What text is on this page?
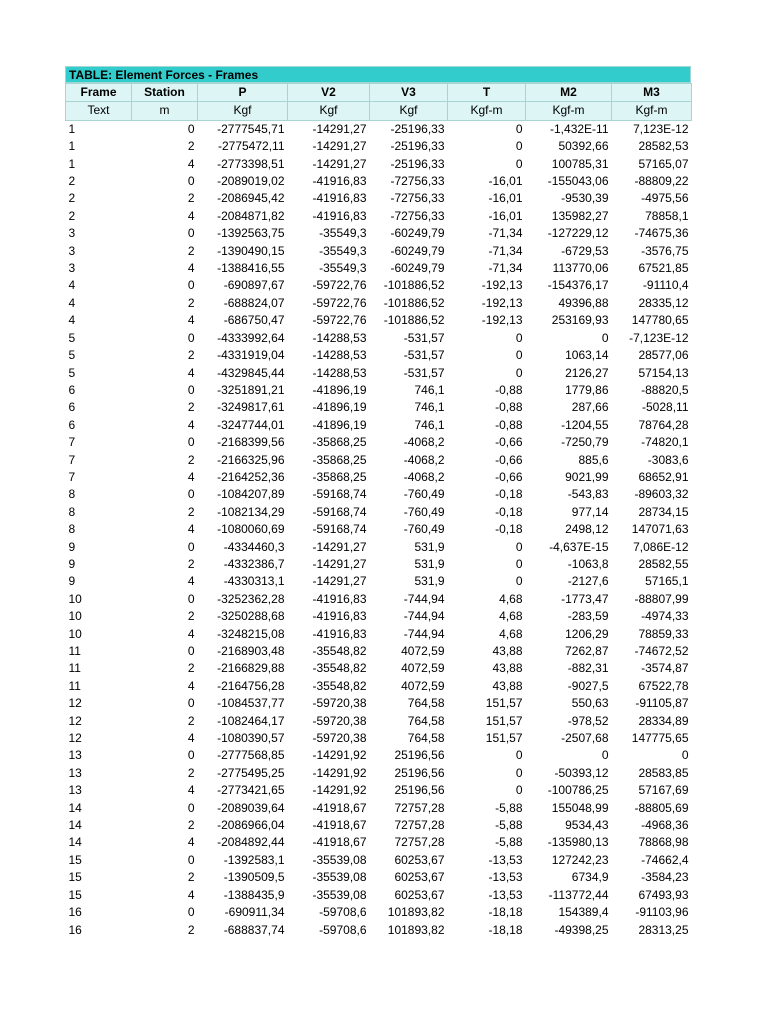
TABLE: Element Forces - Frames
Frame	Station	P	V2	V3	T	M2	M3
Text	m	Kgf	Kgf	Kgf	Kgf-m	Kgf-m	Kgf-m
1	0	-2777545,71	-14291,27	-25196,33	0	-1,432E-11	7,123E-12
1	2	-2775472,11	-14291,27	-25196,33	0	50392,66	28582,53
1	4	-2773398,51	-14291,27	-25196,33	0	100785,31	57165,07
2	0	-2089019,02	-41916,83	-72756,33	-16,01	-155043,06	-88809,22
2	2	-2086945,42	-41916,83	-72756,33	-16,01	-9530,39	-4975,56
2	4	-2084871,82	-41916,83	-72756,33	-16,01	135982,27	78858,1
3	0	-1392563,75	-35549,3	-60249,79	-71,34	-127229,12	-74675,36
3	2	-1390490,15	-35549,3	-60249,79	-71,34	-6729,53	-3576,75
3	4	-1388416,55	-35549,3	-60249,79	-71,34	113770,06	67521,85
4	0	-690897,67	-59722,76	-101886,52	-192,13	-154376,17	-91110,4
4	2	-688824,07	-59722,76	-101886,52	-192,13	49396,88	28335,12
4	4	-686750,47	-59722,76	-101886,52	-192,13	253169,93	147780,65
5	0	-4333992,64	-14288,53	-531,57	0	0	-7,123E-12
5	2	-4331919,04	-14288,53	-531,57	0	1063,14	28577,06
5	4	-4329845,44	-14288,53	-531,57	0	2126,27	57154,13
6	0	-3251891,21	-41896,19	746,1	-0,88	1779,86	-88820,5
6	2	-3249817,61	-41896,19	746,1	-0,88	287,66	-5028,11
6	4	-3247744,01	-41896,19	746,1	-0,88	-1204,55	78764,28
7	0	-2168399,56	-35868,25	-4068,2	-0,66	-7250,79	-74820,1
7	2	-2166325,96	-35868,25	-4068,2	-0,66	885,6	-3083,6
7	4	-2164252,36	-35868,25	-4068,2	-0,66	9021,99	68652,91
8	0	-1084207,89	-59168,74	-760,49	-0,18	-543,83	-89603,32
8	2	-1082134,29	-59168,74	-760,49	-0,18	977,14	28734,15
8	4	-1080060,69	-59168,74	-760,49	-0,18	2498,12	147071,63
9	0	-4334460,3	-14291,27	531,9	0	-4,637E-15	7,086E-12
9	2	-4332386,7	-14291,27	531,9	0	-1063,8	28582,55
9	4	-4330313,1	-14291,27	531,9	0	-2127,6	57165,1
10	0	-3252362,28	-41916,83	-744,94	4,68	-1773,47	-88807,99
10	2	-3250288,68	-41916,83	-744,94	4,68	-283,59	-4974,33
10	4	-3248215,08	-41916,83	-744,94	4,68	1206,29	78859,33
11	0	-2168903,48	-35548,82	4072,59	43,88	7262,87	-74672,52
11	2	-2166829,88	-35548,82	4072,59	43,88	-882,31	-3574,87
11	4	-2164756,28	-35548,82	4072,59	43,88	-9027,5	67522,78
12	0	-1084537,77	-59720,38	764,58	151,57	550,63	-91105,87
12	2	-1082464,17	-59720,38	764,58	151,57	-978,52	28334,89
12	4	-1080390,57	-59720,38	764,58	151,57	-2507,68	147775,65
13	0	-2777568,85	-14291,92	25196,56	0	0	0
13	2	-2775495,25	-14291,92	25196,56	0	-50393,12	28583,85
13	4	-2773421,65	-14291,92	25196,56	0	-100786,25	57167,69
14	0	-2089039,64	-41918,67	72757,28	-5,88	155048,99	-88805,69
14	2	-2086966,04	-41918,67	72757,28	-5,88	9534,43	-4968,36
14	4	-2084892,44	-41918,67	72757,28	-5,88	-135980,13	78868,98
15	0	-1392583,1	-35539,08	60253,67	-13,53	127242,23	-74662,4
15	2	-1390509,5	-35539,08	60253,67	-13,53	6734,9	-3584,23
15	4	-1388435,9	-35539,08	60253,67	-13,53	-113772,44	67493,93
16	0	-690911,34	-59708,6	101893,82	-18,18	154389,4	-91103,96
16	2	-688837,74	-59708,6	101893,82	-18,18	-49398,25	28313,25
